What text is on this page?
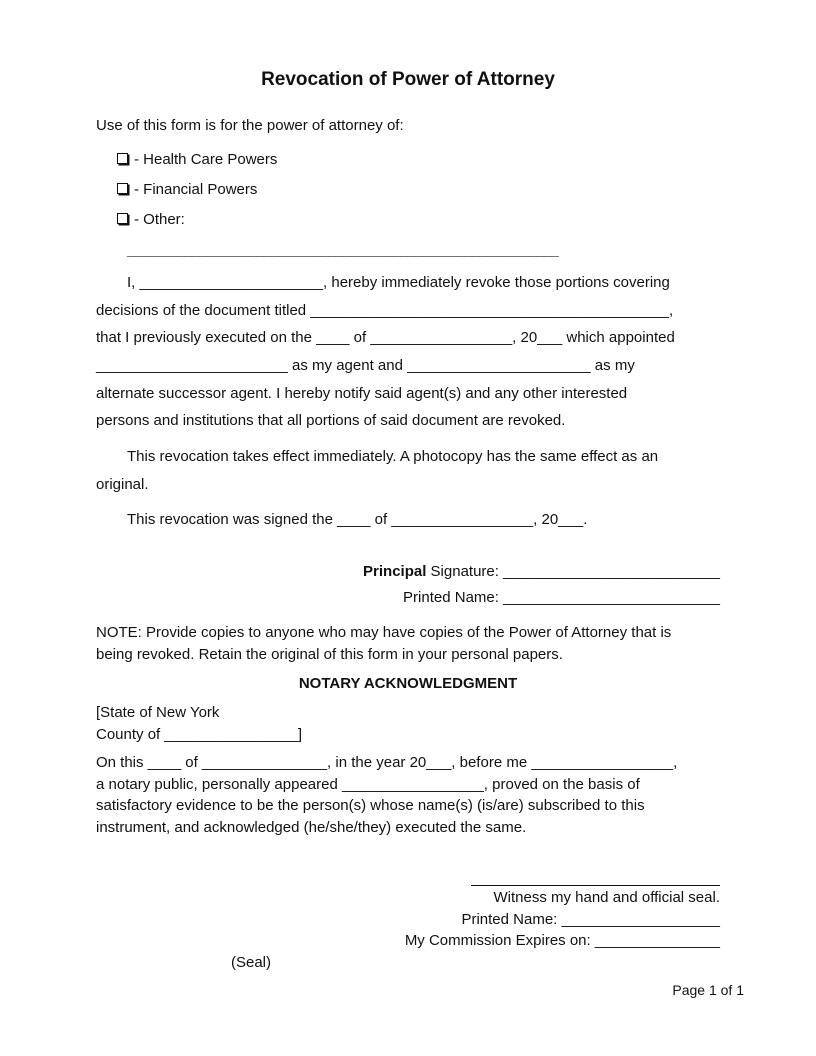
Revocation of Power of Attorney
Use of this form is for the power of attorney of:
- Health Care Powers
- Financial Powers
- Other:
____________________________________________________________
I, ______________________, hereby immediately revoke those portions covering
decisions of the document titled ___________________________________________,
that I previously executed on the ____ of _________________, 20___ which appointed
_______________________ as my agent and ______________________ as my
alternate successor agent. I hereby notify said agent(s) and any other interested
persons and institutions that all portions of said document are revoked.
This revocation takes effect immediately. A photocopy has the same effect as an
original.
This revocation was signed the ____ of _________________, 20___.
Principal Signature: __________________________
Printed Name: __________________________
NOTE: Provide copies to anyone who may have copies of the Power of Attorney that is
being revoked. Retain the original of this form in your personal papers.
NOTARY ACKNOWLEDGMENT
[State of New York
County of ________________]
On this ____ of _______________, in the year 20___, before me _________________,
a notary public, personally appeared _________________, proved on the basis of
satisfactory evidence to be the person(s) whose name(s) (is/are) subscribed to this
instrument, and acknowledged (he/she/they) executed the same.
Witness my hand and official seal.
Printed Name: ___________________
My Commission Expires on: _______________
(Seal)
Page 1 of 1
